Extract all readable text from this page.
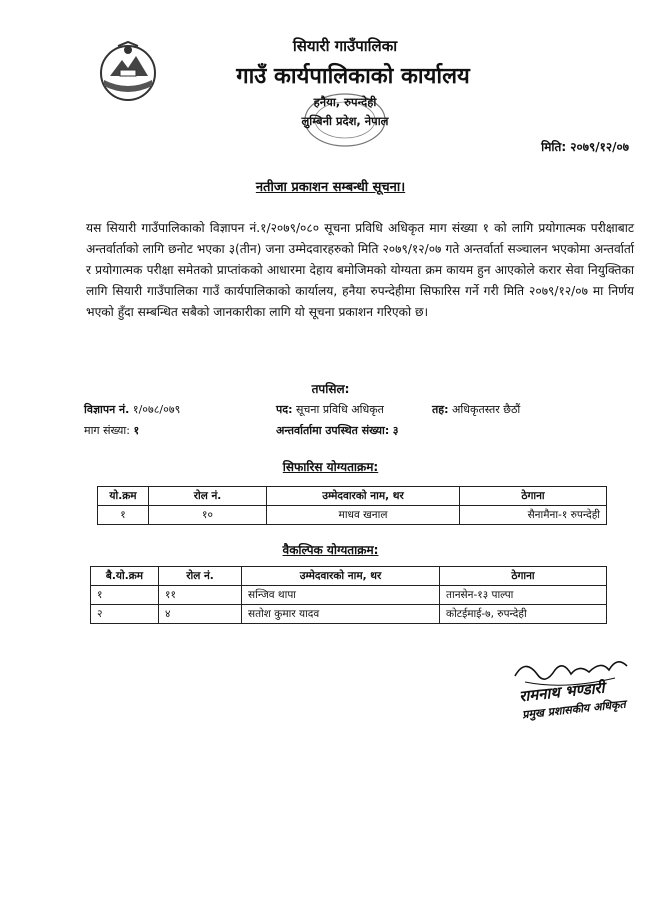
सियारी गाउँपालिका
गाउँ कार्यपालिकाको कार्यालय
हनैया, रुपन्देही
लुम्बिनी प्रदेश, नेपाल
मिति: २०७९/१२/०७
नतीजा प्रकाशन सम्बन्धी सूचना।
यस सियारी गाउँपालिकाको विज्ञापन नं.१/२०७९/०८० सूचना प्रविधि अधिकृत माग संख्या १ को लागि प्रयोगात्मक परीक्षाबाट अन्तर्वार्ताको लागि छनोट भएका ३(तीन) जना उम्मेदवारहरुको मिति २०७९/१२/०७ गते अन्तर्वार्ता सञ्चालन भएकोमा अन्तर्वार्ता र प्रयोगात्मक परीक्षा समेतको प्राप्तांकको आधारमा देहाय बमोजिमको योग्यता क्रम कायम हुन आएकोले करार सेवा नियुक्तिका लागि सियारी गाउँपालिका गाउँ कार्यपालिकाको कार्यालय, हनैया रुपन्देहीमा सिफारिस गर्ने गरी मिति २०७९/१२/०७ मा निर्णय भएको हुँदा सम्बन्धित सबैको जानकारीका लागि यो सूचना प्रकाशन गरिएको छ।
तपसिल:
विज्ञापन नं. १/०७८/०७९	पद: सूचना प्रविधि अधिकृत	तह: अधिकृतस्तर छैठौं
माग संख्या: १	अन्तर्वार्तामा उपस्थित संख्या: ३
सिफारिस योग्यताक्रम:
यो.क्रम	रोल नं.	उम्मेदवारको नाम, थर	ठेगाना
१	१०	माधव खनाल	सैनामैना-१ रुपन्देही
वैकल्पिक योग्यताक्रम:
बै.यो.क्रम	रोल नं.	उम्मेदवारको नाम, थर	ठेगाना
१	११	सन्जिव थापा	तानसेन-१३ पाल्पा
२	४	सतोश कुमार यादव	कोटईमाई-७, रुपन्देही
रामनाथ भण्डारी
प्रमुख प्रशासकीय अधिकृत
